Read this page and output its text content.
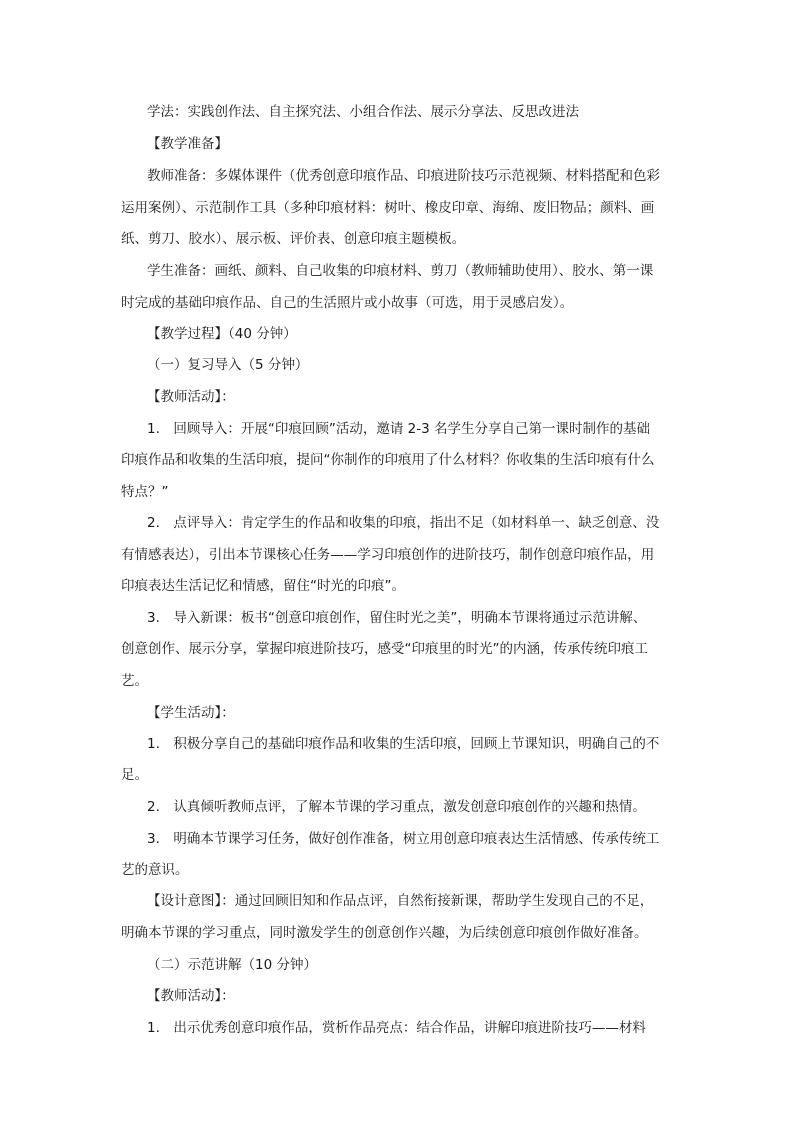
学法：实践创作法、自主探究法、小组合作法、展示分享法、反思改进法
【教学准备】
教师准备：多媒体课件（优秀创意印痕作品、印痕进阶技巧示范视频、材料搭配和色彩
运用案例）、示范制作工具（多种印痕材料：树叶、橡皮印章、海绵、废旧物品；颜料、画
纸、剪刀、胶水）、展示板、评价表、创意印痕主题模板。
学生准备：画纸、颜料、自己收集的印痕材料、剪刀（教师辅助使用）、胶水、第一课
时完成的基础印痕作品、自己的生活照片或小故事（可选，用于灵感启发）。
【教学过程】（40 分钟）
（一）复习导入（5 分钟）
【教师活动】：
1.　回顾导入：开展“印痕回顾”活动，邀请 2-3 名学生分享自己第一课时制作的基础
印痕作品和收集的生活印痕，提问“你制作的印痕用了什么材料？你收集的生活印痕有什么
特点？”
2.　点评导入：肯定学生的作品和收集的印痕，指出不足（如材料单一、缺乏创意、没
有情感表达），引出本节课核心任务——学习印痕创作的进阶技巧，制作创意印痕作品，用
印痕表达生活记忆和情感，留住“时光的印痕”。
3.　导入新课：板书“创意印痕创作，留住时光之美”，明确本节课将通过示范讲解、
创意创作、展示分享，掌握印痕进阶技巧，感受“印痕里的时光”的内涵，传承传统印痕工
艺。
【学生活动】：
1.　积极分享自己的基础印痕作品和收集的生活印痕，回顾上节课知识，明确自己的不
足。
2.　认真倾听教师点评，了解本节课的学习重点，激发创意印痕创作的兴趣和热情。
3.　明确本节课学习任务，做好创作准备，树立用创意印痕表达生活情感、传承传统工
艺的意识。
【设计意图】：通过回顾旧知和作品点评，自然衔接新课，帮助学生发现自己的不足，
明确本节课的学习重点，同时激发学生的创意创作兴趣，为后续创意印痕创作做好准备。
（二）示范讲解（10 分钟）
【教师活动】：
1.　出示优秀创意印痕作品，赏析作品亮点：结合作品，讲解印痕进阶技巧——材料
